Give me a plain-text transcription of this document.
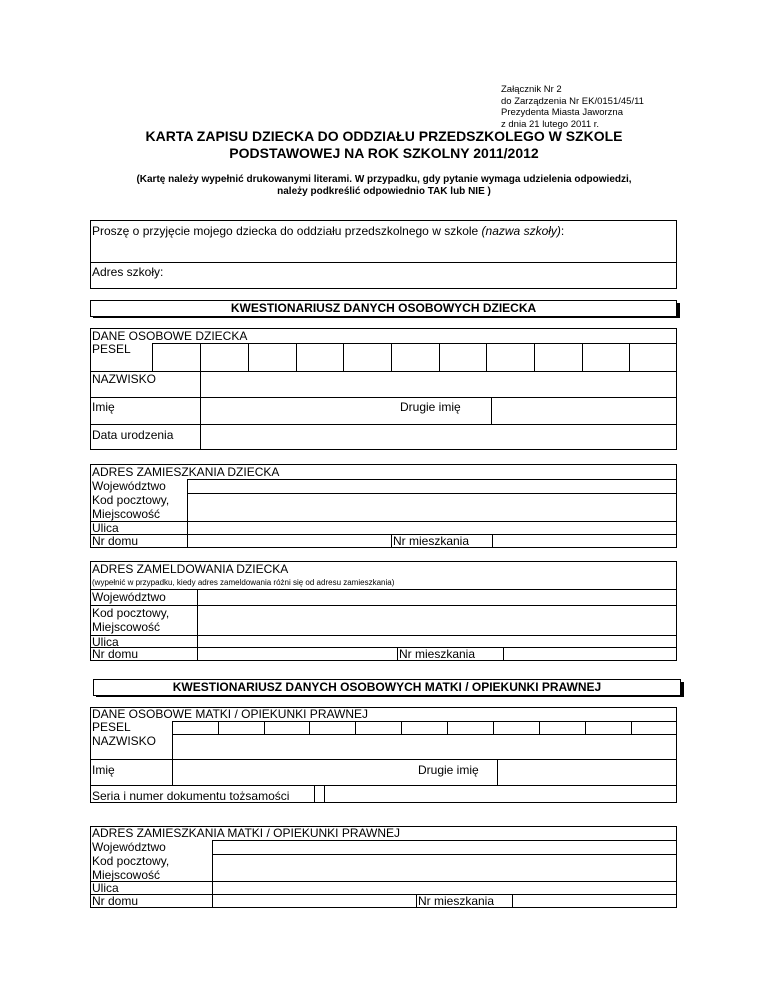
Załącznik Nr 2
do Zarządzenia Nr EK/0151/45/11
Prezydenta Miasta Jaworzna
z dnia 21 lutego 2011 r.
KARTA ZAPISU DZIECKA DO ODDZIAŁU PRZEDSZKOLEGO W SZKOLE
PODSTAWOWEJ NA ROK SZKOLNY 2011/2012
(Kartę należy wypełnić drukowanymi literami. W przypadku, gdy pytanie wymaga udzielenia odpowiedzi,
należy podkreślić odpowiednio TAK lub NIE )
Proszę o przyjęcie mojego dziecka do oddziału przedszkolnego w szkole (nazwa szkoły):
Adres szkoły:
KWESTIONARIUSZ DANYCH OSOBOWYCH DZIECKA
DANE OSOBOWE DZIECKA
PESEL
NAZWISKO
Imię	Drugie imię
Data urodzenia
ADRES ZAMIESZKANIA DZIECKA
Województwo
Kod pocztowy,
Miejscowość
Ulica
Nr domu	Nr mieszkania
ADRES ZAMELDOWANIA DZIECKA
(wypełnić w przypadku, kiedy adres zameldowania różni się od adresu zamieszkania)
Województwo
Kod pocztowy,
Miejscowość
Ulica
Nr domu	Nr mieszkania
KWESTIONARIUSZ DANYCH OSOBOWYCH MATKI / OPIEKUNKI PRAWNEJ
DANE OSOBOWE MATKI / OPIEKUNKI PRAWNEJ
PESEL
NAZWISKO
Imię	Drugie imię
Seria i numer dokumentu tożsamości
ADRES ZAMIESZKANIA MATKI / OPIEKUNKI PRAWNEJ
Województwo
Kod pocztowy,
Miejscowość
Ulica
Nr domu	Nr mieszkania
